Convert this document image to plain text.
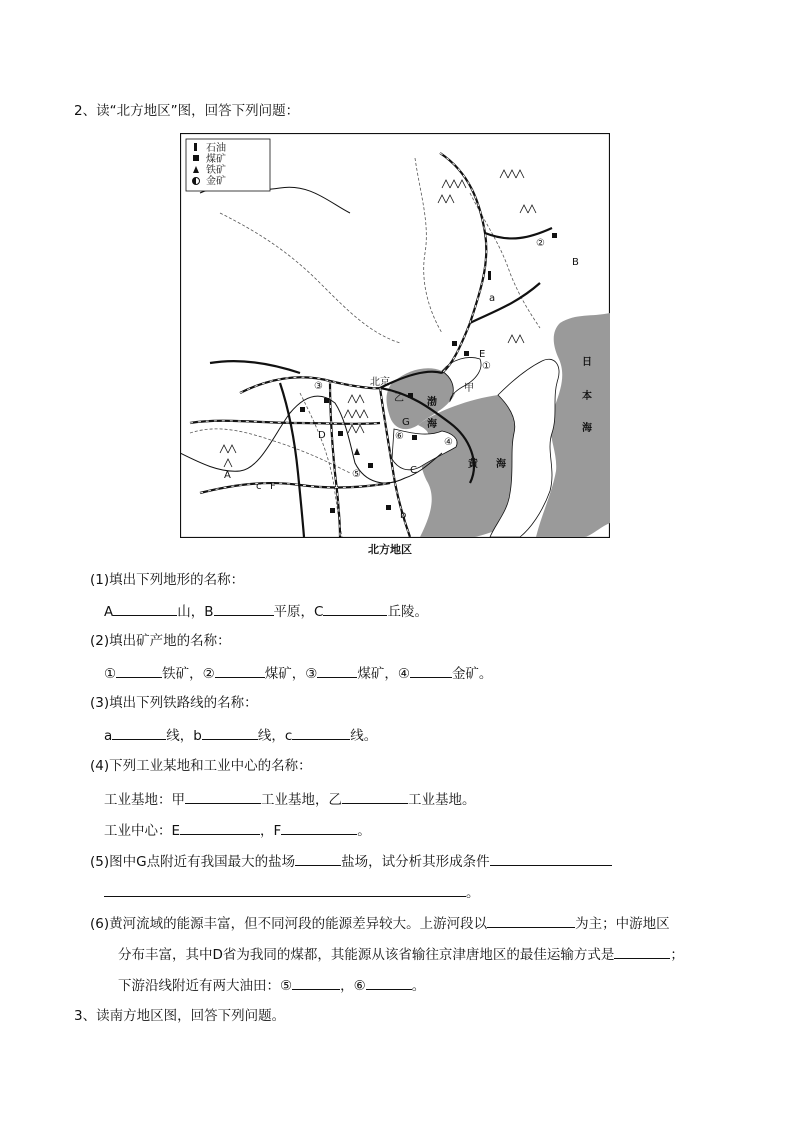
2、读“北方地区”图，回答下列问题：
石油
煤矿
铁矿
金矿
A
B
C
D
E
F
G
甲
乙
a
b
c
北京
①
②
③
④
⑤
⑥
渤
海
黄 海
日
本
海
北方地区
(1)填出下列地形的名称：
A	山，B	平原，C	丘陵。
(2)填出矿产地的名称：
①	铁矿，②	煤矿，③	煤矿，④	金矿。
(3)填出下列铁路线的名称：
a	线，b	线，c	线。
(4)下列工业某地和工业中心的名称：
工业基地：甲	工业基地，乙	工业基地。
工业中心：E	，F	。
(5)图中G点附近有我国最大的盐场	盐场，试分析其形成条件
。
(6)黄河流域的能源丰富，但不同河段的能源差异较大。上游河段以	为主；中游地区
分布丰富，其中D省为我同的煤都，其能源从该省输往京津唐地区的最佳运输方式是	；
下游沿线附近有两大油田：⑤	，⑥	。
3、读南方地区图，回答下列问题。
